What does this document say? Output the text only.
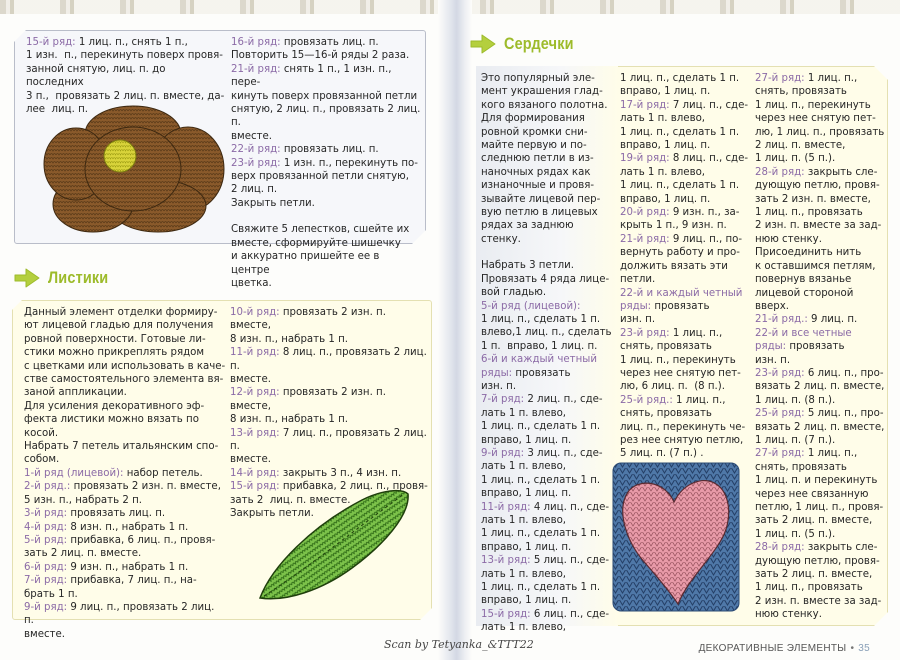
15-й ряд: 1 лиц. п., снять 1 п.,

1 изн.  п., перекинуть поверх провя-

занной снятую, лиц. п. до последних

3 п.,  провязать 2 лиц. п. вместе, да-

лее  лиц. п.

16-й ряд: провязать лиц. п.

Повторить 15—16-й ряды 2 раза.

21-й ряд: снять 1 п., 1 изн. п., пере-

кинуть поверх провязанной петли

снятую, 2 лиц. п., провязать 2 лиц. п.

вместе.

22-й ряд: провязать лиц. п.

23-й ряд: 1 изн. п., перекинуть по-

верх провязанной петли снятую,

2 лиц. п.

Закрыть петли.

Свяжите 5 лепестков, сшейте их

вместе, сформируйте шишечку

и аккуратно пришейте ее в центре

цветка.

Листики

Данный элемент отделки формиру-

ют лицевой гладью для получения

ровной поверхности. Готовые ли-

стики можно прикреплять рядом

с цветками или использовать в каче-

стве самостоятельного элемента вя-

заной аппликации.

Для усиления декоративного эф-

фекта листики можно вязать по

косой.

Набрать 7 петель итальянским спо-

собом.

1-й ряд (лицевой): набор петель.

2-й ряд.: провязать 2 изн. п. вместе,

5 изн. п., набрать 2 п.

3-й ряд: провязать лиц. п.

4-й ряд: 8 изн. п., набрать 1 п.

5-й ряд: прибавка, 6 лиц. п., провя-

зать 2 лиц. п. вместе.

6-й ряд: 9 изн. п., набрать 1 п.

7-й ряд: прибавка, 7 лиц. п., на-

брать 1 п.

9-й ряд: 9 лиц. п., провязать 2 лиц. п.

вместе.

10-й ряд: провязать 2 изн. п. вместе,

8 изн. п., набрать 1 п.

11-й ряд: 8 лиц. п., провязать 2 лиц.  п.

вместе.

12-й ряд: провязать 2 изн. п. вместе,

8 изн. п., набрать 1 п.

13-й ряд: 7 лиц. п., провязать 2 лиц. п.

вместе.

14-й ряд: закрыть 3 п., 4 изн. п.

15-й ряд: прибавка, 2 лиц. п., провя-

зать 2  лиц. п. вместе.

Закрыть петли.

Сердечки

Это популярный эле-

мент украшения глад-

кого вязаного полотна.

Для формирования

ровной кромки сни-

майте первую и по-

следнюю петли в из-

наночных рядах как

изнаночные и провя-

зывайте лицевой пер-

вую петлю в лицевых

рядах за заднюю

стенку.

Набрать 3 петли.

Провязать 4 ряда лице-

вой гладью.

5-й ряд (лицевой):

1 лиц. п., сделать 1 п.

влево,1 лиц. п., сделать

1 п.  вправо, 1 лиц. п.

6-й и каждый четный

ряды: провязать

изн. п.

7-й ряд: 2 лиц. п., сде-

лать 1 п. влево,

1 лиц. п., сделать 1 п.

вправо, 1 лиц. п.

9-й ряд: 3 лиц. п., сде-

лать 1 п. влево,

1 лиц. п., сделать 1 п.

вправо, 1 лиц. п.

11-й ряд: 4 лиц. п., сде-

лать 1 п. влево,

1 лиц. п., сделать 1 п.

вправо, 1 лиц. п.

13-й ряд: 5 лиц. п., сде-

лать 1 п. влево,

1 лиц. п., сделать 1 п.

вправо, 1 лиц. п.

15-й ряд: 6 лиц. п., сде-

лать 1 п. влево,

1 лиц. п., сделать 1 п.

вправо, 1 лиц. п.

17-й ряд: 7 лиц. п., сде-

лать 1 п. влево,

1 лиц. п., сделать 1 п.

вправо, 1 лиц. п.

19-й ряд: 8 лиц. п., сде-

лать 1 п. влево,

1 лиц. п., сделать 1 п.

вправо, 1 лиц. п.

20-й ряд: 9 изн. п., за-

крыть 1 п., 9 изн. п.

21-й ряд: 9 лиц. п., по-

вернуть работу и про-

должить вязать эти

петли.

22-й и каждый четный

ряды: провязать

изн. п.

23-й ряд: 1 лиц. п.,

снять, провязать

1 лиц. п., перекинуть

через нее снятую пет-

лю, 6 лиц. п.  (8 п.).

25-й ряд.: 1 лиц. п.,

снять, провязать

лиц. п., перекинуть че-

рез нее снятую петлю,

5 лиц. п. (7 п.) .

27-й ряд: 1 лиц. п.,

снять, провязать

1 лиц. п., перекинуть

через нее снятую пет-

лю, 1 лиц. п., провязать

2 лиц. п. вместе,

1 лиц. п. (5 п.).

28-й ряд: закрыть сле-

дующую петлю, провя-

зать 2 изн. п. вместе,

1 лиц. п., провязать

2 изн. п. вместе за зад-

нюю стенку.

Присоединить нить

к оставшимся петлям,

повернув вязанье

лицевой стороной

вверх.

21-й ряд.: 9 лиц. п.

22-й и все четные

ряды: провязать

изн. п.

23-й ряд: 6 лиц. п., про-

вязать 2 лиц. п. вместе,

1 лиц. п. (8 п.).

25-й ряд: 5 лиц. п., про-

вязать 2 лиц. п. вместе,

1 лиц. п. (7 п.).

27-й ряд: 1 лиц. п.,

снять, провязать

1 лиц. п. и перекинуть

через нее связанную

петлю, 1 лиц. п., провя-

зать 2 лиц. п. вместе,

1 лиц. п. (5 п.).

28-й ряд: закрыть сле-

дующую петлю, провя-

зать 2 лиц. п. вместе,

1 лиц. п., провязать

2 изн. п. вместе за зад-

нюю стенку.

Scan by Tetyanka_&TTT22	ДЕКОРАТИВНЫЕ ЭЛЕМЕНТЫ • 35
